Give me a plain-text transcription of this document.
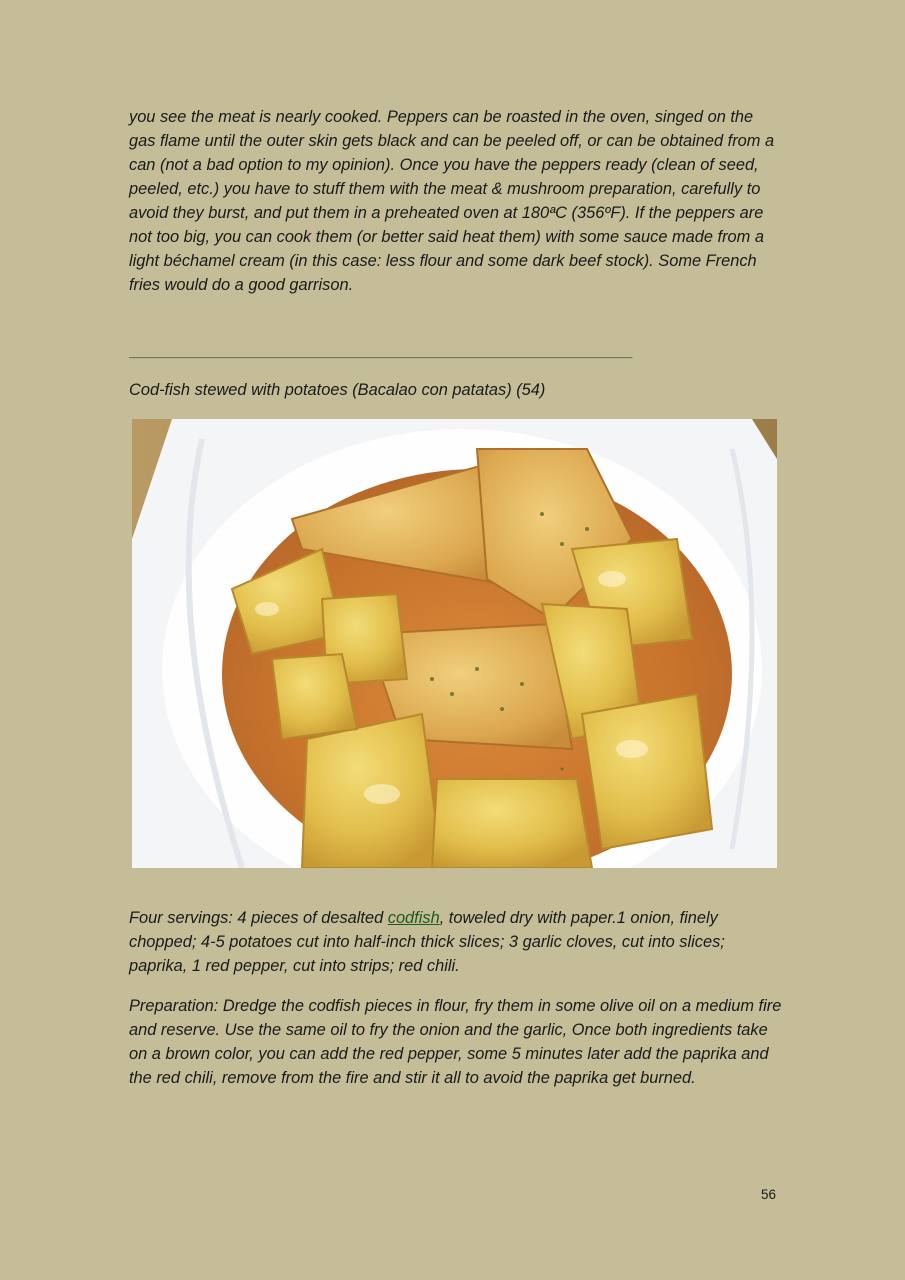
you see the meat is nearly cooked. Peppers can be roasted in the oven, singed on the gas flame until the outer skin gets black and can be peeled off, or can be obtained from a can (not a bad option to my opinion). Once you have the peppers ready (clean of seed, peeled, etc.) you have to stuff them with the meat & mushroom preparation, carefully to avoid they burst, and put them in a preheated oven at 180ªC (356ºF). If the peppers are not too big, you can cook them (or better said heat them) with some sauce made from a light béchamel cream (in this case: less flour and some dark beef stock). Some French fries would do a good garrison.

____________________________________________________________

Cod-fish stewed with potatoes (Bacalao con patatas) (54)

Four servings: 4 pieces of desalted codfish, toweled dry with paper.1 onion, finely chopped; 4-5 potatoes cut into half-inch thick slices; 3 garlic cloves, cut into slices; paprika, 1 red pepper, cut into strips; red chili.

Preparation: Dredge the codfish pieces in flour, fry them in some olive oil on a medium fire and reserve. Use the same oil to fry the onion and the garlic, Once both ingredients take on a brown color, you can add the red pepper, some 5 minutes later add the paprika and the red chili, remove from the fire and stir it all to avoid the paprika get burned.

56
